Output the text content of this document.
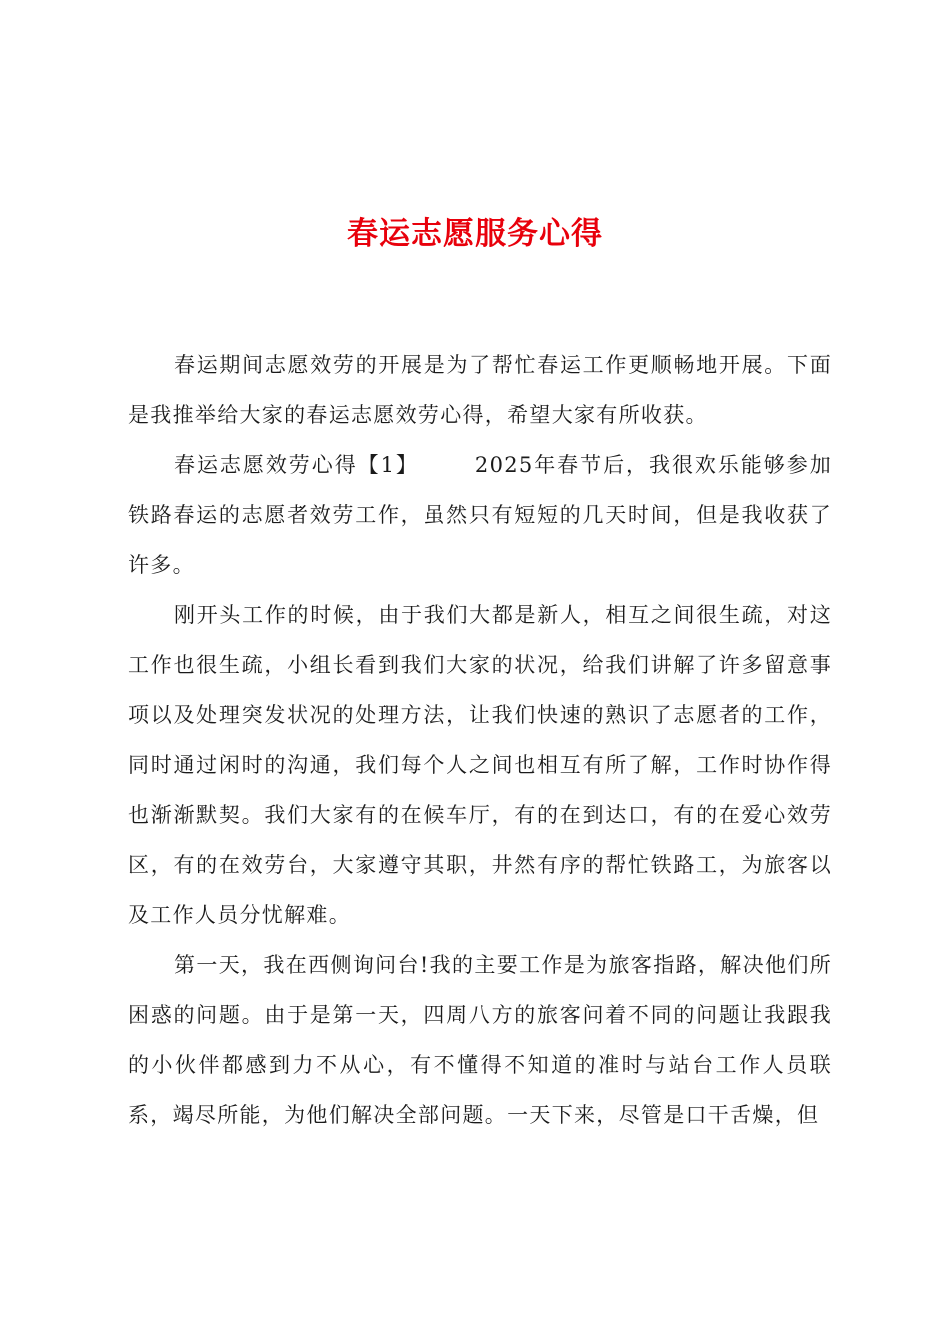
春运志愿服务心得

春运期间志愿效劳的开展是为了帮忙春运工作更顺畅地开展。下面是我推举给大家的春运志愿效劳心得，希望大家有所收获。

春运志愿效劳心得【1】	2025年春节后，我很欢乐能够参加铁路春运的志愿者效劳工作，虽然只有短短的几天时间，但是我收获了许多。

刚开头工作的时候，由于我们大都是新人，相互之间很生疏，对这工作也很生疏，小组长看到我们大家的状况，给我们讲解了许多留意事项以及处理突发状况的处理方法，让我们快速的熟识了志愿者的工作，同时通过闲时的沟通，我们每个人之间也相互有所了解，工作时协作得也渐渐默契。我们大家有的在候车厅，有的在到达口，有的在爱心效劳区，有的在效劳台，大家遵守其职，井然有序的帮忙铁路工，为旅客以及工作人员分忧解难。

第一天，我在西侧询问台!我的主要工作是为旅客指路，解决他们所困惑的问题。由于是第一天，四周八方的旅客问着不同的问题让我跟我的小伙伴都感到力不从心，有不懂得不知道的准时与站台工作人员联系，竭尽所能，为他们解决全部问题。一天下来，尽管是口干舌燥，但
